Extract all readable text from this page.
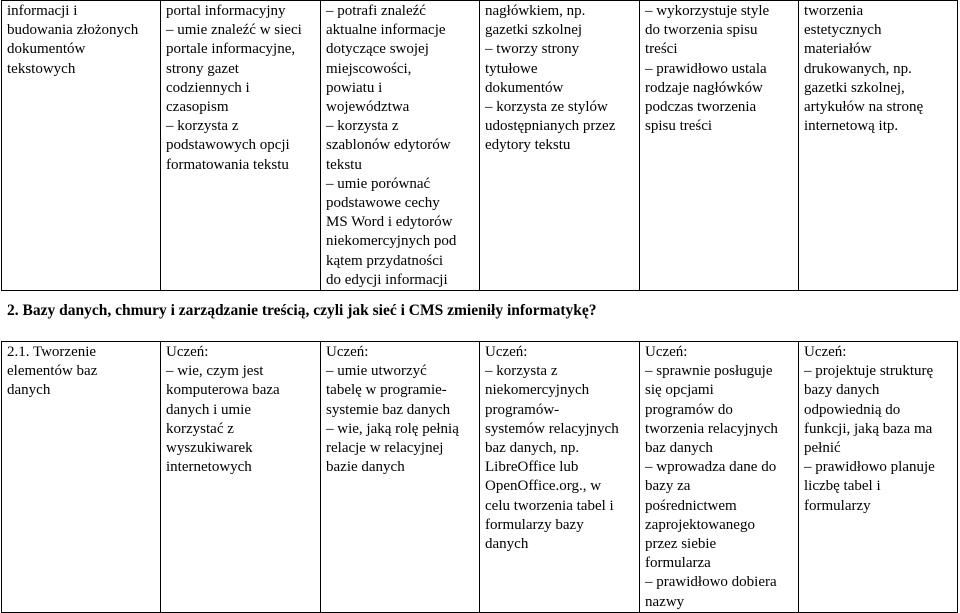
informacji i
budowania złożonych
dokumentów
tekstowych

portal informacyjny
– umie znaleźć w sieci
portale informacyjne,
strony gazet
codziennych i
czasopism
– korzysta z
podstawowych opcji
formatowania tekstu

– potrafi znaleźć
aktualne informacje
dotyczące swojej
miejscowości,
powiatu i
województwa
– korzysta z
szablonów edytorów
tekstu
– umie porównać
podstawowe cechy
MS Word i edytorów
niekomercyjnych pod
kątem przydatności
do edycji informacji

nagłówkiem, np.
gazetki szkolnej
– tworzy strony
tytułowe
dokumentów
– korzysta ze stylów
udostępnianych przez
edytory tekstu

– wykorzystuje style
do tworzenia spisu
treści
– prawidłowo ustala
rodzaje nagłówków
podczas tworzenia
spisu treści

tworzenia
estetycznych
materiałów
drukowanych, np.
gazetki szkolnej,
artykułów na stronę
internetową itp.
2. Bazy danych, chmury i zarządzanie treścią, czyli jak sieć i CMS zmieniły informatykę?
2.1. Tworzenie
elementów baz
danych

Uczeń:
– wie, czym jest
komputerowa baza
danych i umie
korzystać z
wyszukiwarek
internetowych

Uczeń:
– umie utworzyć
tabelę w programie-
systemie baz danych
– wie, jaką rolę pełnią
relacje w relacyjnej
bazie danych

Uczeń:
– korzysta z
niekomercyjnych
programów-
systemów relacyjnych
baz danych, np.
LibreOffice lub
OpenOffice.org., w
celu tworzenia tabel i
formularzy bazy
danych

Uczeń:
– sprawnie posługuje
się opcjami
programów do
tworzenia relacyjnych
baz danych
– wprowadza dane do
bazy za
pośrednictwem
zaprojektowanego
przez siebie
formularza
– prawidłowo dobiera
nazwy

Uczeń:
– projektuje strukturę
bazy danych
odpowiednią do
funkcji, jaką baza ma
pełnić
– prawidłowo planuje
liczbę tabel i
formularzy
